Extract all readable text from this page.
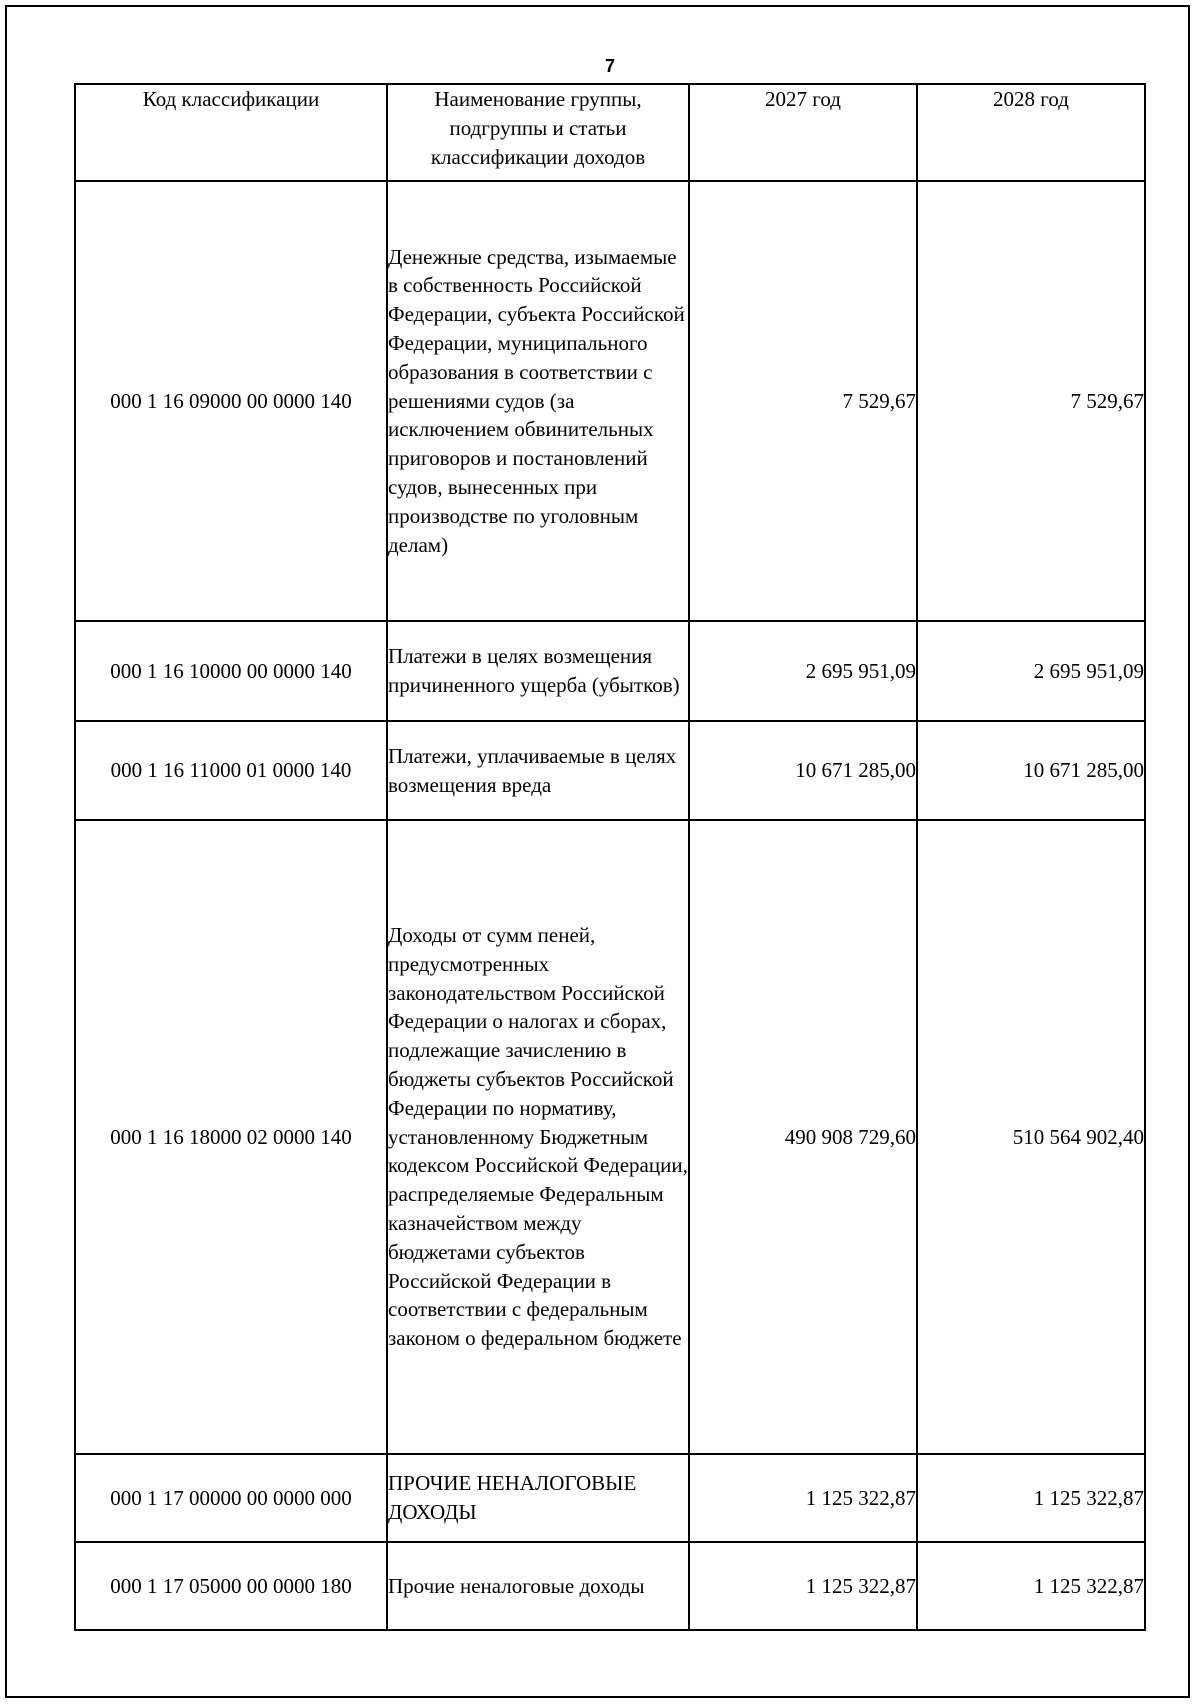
7
Код классификации	Наименование группы, подгруппы и статьи классификации доходов	2027 год	2028 год
000 1 16 09000 00 0000 140	Денежные средства, изымаемые в собственность Российской Федерации, субъекта Российской Федерации, муниципального образования в соответствии с решениями судов (за исключением обвинительных приговоров и постановлений судов, вынесенных при производстве по уголовным делам)	7 529,67	7 529,67
000 1 16 10000 00 0000 140	Платежи в целях возмещения причиненного ущерба (убытков)	2 695 951,09	2 695 951,09
000 1 16 11000 01 0000 140	Платежи, уплачиваемые в целях возмещения вреда	10 671 285,00	10 671 285,00
000 1 16 18000 02 0000 140	Доходы от сумм пеней, предусмотренных законодательством Российской Федерации о налогах и сборах, подлежащие зачислению в бюджеты субъектов Российской Федерации по нормативу, установленному Бюджетным кодексом Российской Федерации, распределяемые Федеральным казначейством между бюджетами субъектов Российской Федерации в соответствии с федеральным законом о федеральном бюджете	490 908 729,60	510 564 902,40
000 1 17 00000 00 0000 000	ПРОЧИЕ НЕНАЛОГОВЫЕ ДОХОДЫ	1 125 322,87	1 125 322,87
000 1 17 05000 00 0000 180	Прочие неналоговые доходы	1 125 322,87	1 125 322,87
